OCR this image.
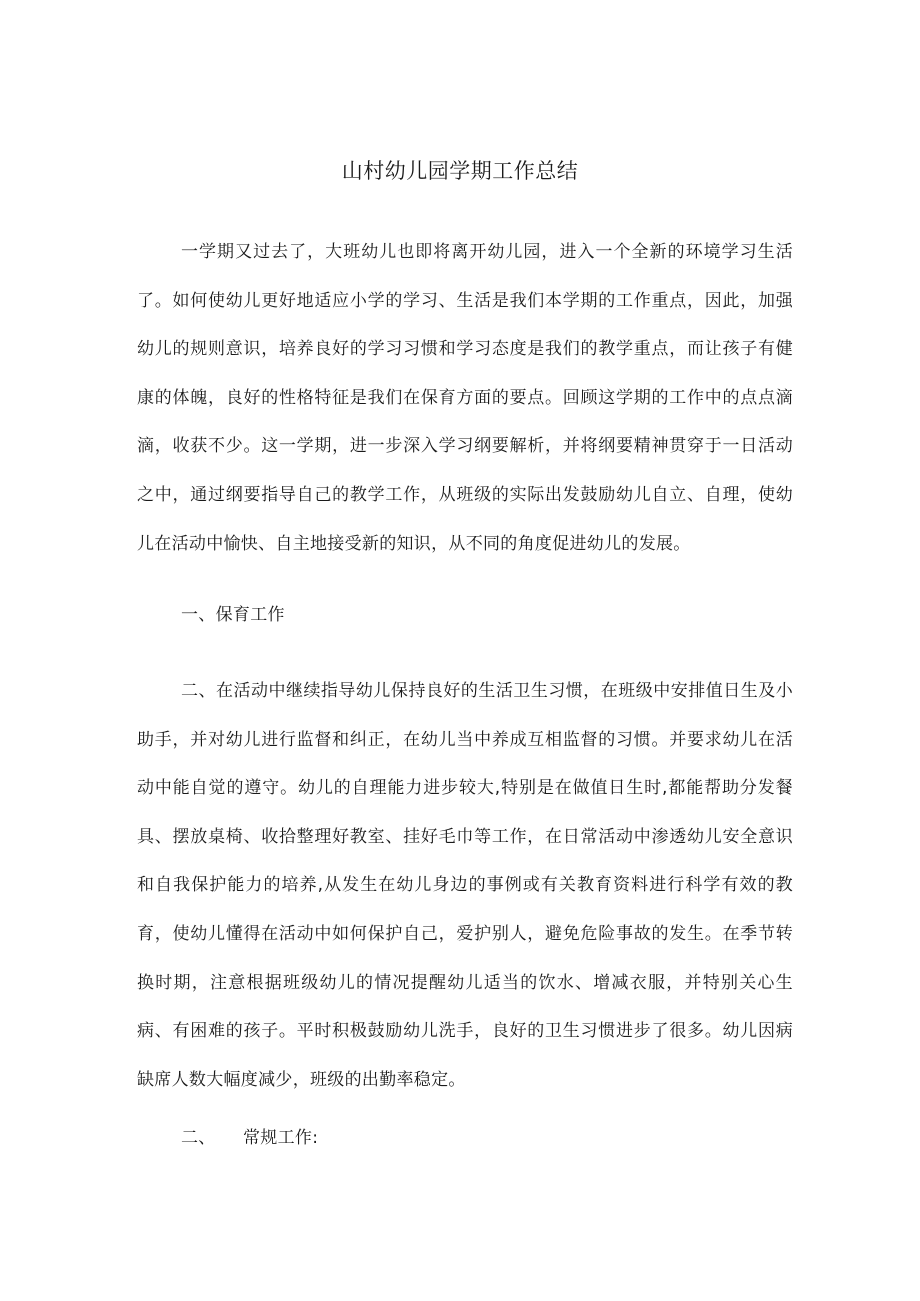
山村幼儿园学期工作总结

一学期又过去了，大班幼儿也即将离开幼儿园，进入一个全新的环境学习生活了。如何使幼儿更好地适应小学的学习、生活是我们本学期的工作重点，因此，加强幼儿的规则意识，培养良好的学习习惯和学习态度是我们的教学重点，而让孩子有健康的体魄，良好的性格特征是我们在保育方面的要点。回顾这学期的工作中的点点滴滴，收获不少。这一学期，进一步深入学习纲要解析，并将纲要精神贯穿于一日活动之中，通过纲要指导自己的教学工作，从班级的实际出发鼓励幼儿自立、自理，使幼儿在活动中愉快、自主地接受新的知识，从不同的角度促进幼儿的发展。

一、保育工作

二、在活动中继续指导幼儿保持良好的生活卫生习惯，在班级中安排值日生及小助手，并对幼儿进行监督和纠正，在幼儿当中养成互相监督的习惯。并要求幼儿在活动中能自觉的遵守。幼儿的自理能力进步较大,特别是在做值日生时,都能帮助分发餐具、摆放桌椅、收拾整理好教室、挂好毛巾等工作，在日常活动中渗透幼儿安全意识和自我保护能力的培养,从发生在幼儿身边的事例或有关教育资料进行科学有效的教育，使幼儿懂得在活动中如何保护自己，爱护别人，避免危险事故的发生。在季节转换时期，注意根据班级幼儿的情况提醒幼儿适当的饮水、增减衣服，并特别关心生病、有困难的孩子。平时积极鼓励幼儿洗手，良好的卫生习惯进步了很多。幼儿因病缺席人数大幅度减少，班级的出勤率稳定。

二、 常规工作:
